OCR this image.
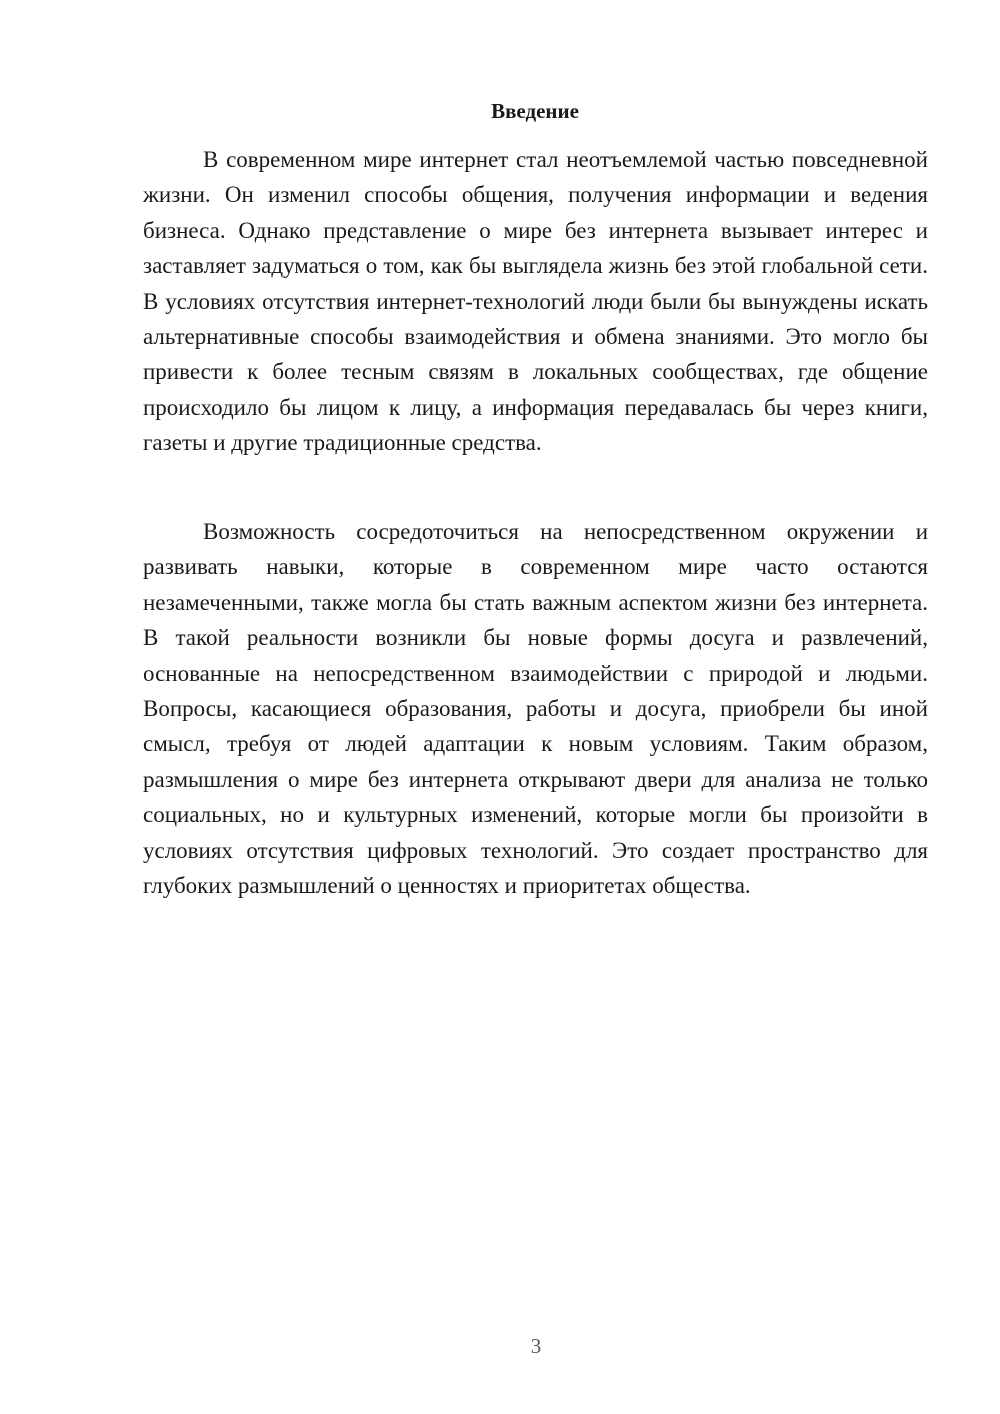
Введение

В современном мире интернет стал неотъемлемой частью повседневной жизни. Он изменил способы общения, получения информации и ведения бизнеса. Однако представление о мире без интернета вызывает интерес и заставляет задуматься о том, как бы выглядела жизнь без этой глобальной сети. В условиях отсутствия интернет-технологий люди были бы вынуждены искать альтернативные способы взаимодействия и обмена знаниями. Это могло бы привести к более тесным связям в локальных сообществах, где общение происходило бы лицом к лицу, а информация передавалась бы через книги, газеты и другие традиционные средства.

Возможность сосредоточиться на непосредственном окружении и развивать навыки, которые в современном мире часто остаются незамеченными, также могла бы стать важным аспектом жизни без интернета. В такой реальности возникли бы новые формы досуга и развлечений, основанные на непосредственном взаимодействии с природой и людьми. Вопросы, касающиеся образования, работы и досуга, приобрели бы иной смысл, требуя от людей адаптации к новым условиям. Таким образом, размышления о мире без интернета открывают двери для анализа не только социальных, но и культурных изменений, которые могли бы произойти в условиях отсутствия цифровых технологий. Это создает пространство для глубоких размышлений о ценностях и приоритетах общества.

3
